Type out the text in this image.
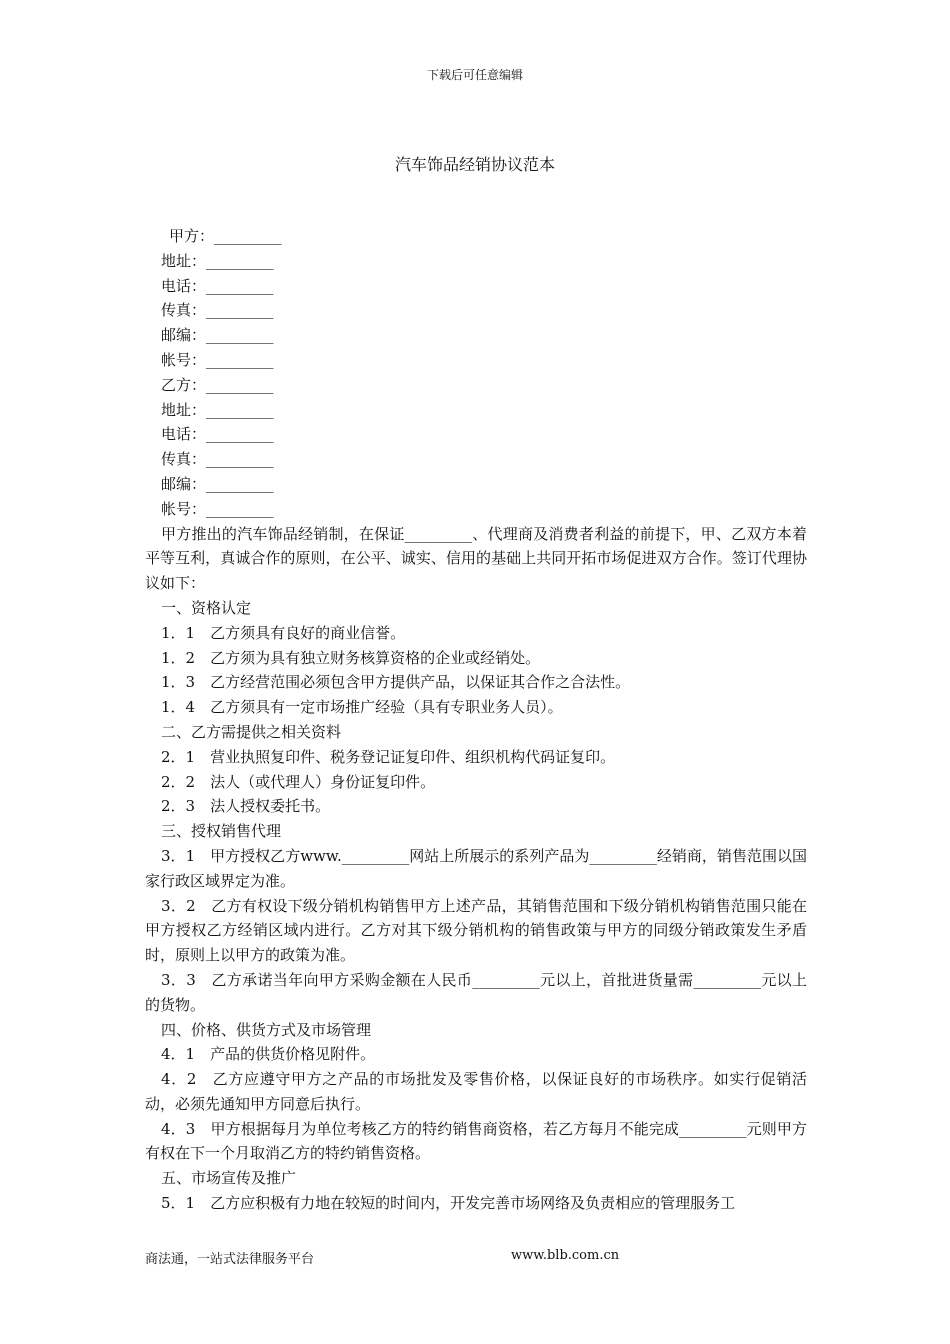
下载后可任意编辑
汽车饰品经销协议范本
甲方：_________
地址：_________
电话：_________
传真：_________
邮编：_________
帐号：_________
乙方：_________
地址：_________
电话：_________
传真：_________
邮编：_________
帐号：_________
甲方推出的汽车饰品经销制，在保证_________、代理商及消费者利益的前提下，甲、乙双方本着平等互利，真诚合作的原则，在公平、诚实、信用的基础上共同开拓市场促进双方合作。签订代理协议如下：
一、资格认定
1．1　乙方须具有良好的商业信誉。
1．2　乙方须为具有独立财务核算资格的企业或经销处。
1．3　乙方经营范围必须包含甲方提供产品，以保证其合作之合法性。
1．4　乙方须具有一定市场推广经验（具有专职业务人员）。
二、乙方需提供之相关资料
2．1　营业执照复印件、税务登记证复印件、组织机构代码证复印。
2．2　法人（或代理人）身份证复印件。
2．3　法人授权委托书。
三、授权销售代理
3．1　甲方授权乙方www._________网站上所展示的系列产品为_________经销商，销售范围以国家行政区域界定为准。
3．2　乙方有权设下级分销机构销售甲方上述产品，其销售范围和下级分销机构销售范围只能在甲方授权乙方经销区域内进行。乙方对其下级分销机构的销售政策与甲方的同级分销政策发生矛盾时，原则上以甲方的政策为准。
3．3　乙方承诺当年向甲方采购金额在人民币_________元以上，首批进货量需_________元以上的货物。
四、价格、供货方式及市场管理
4．1　产品的供货价格见附件。
4．2　乙方应遵守甲方之产品的市场批发及零售价格，以保证良好的市场秩序。如实行促销活动，必须先通知甲方同意后执行。
4．3　甲方根据每月为单位考核乙方的特约销售商资格，若乙方每月不能完成_________元则甲方有权在下一个月取消乙方的特约销售资格。
五、市场宣传及推广
5．1　乙方应积极有力地在较短的时间内，开发完善市场网络及负责相应的管理服务工
商法通，一站式法律服务平台	www.blb.com.cn
